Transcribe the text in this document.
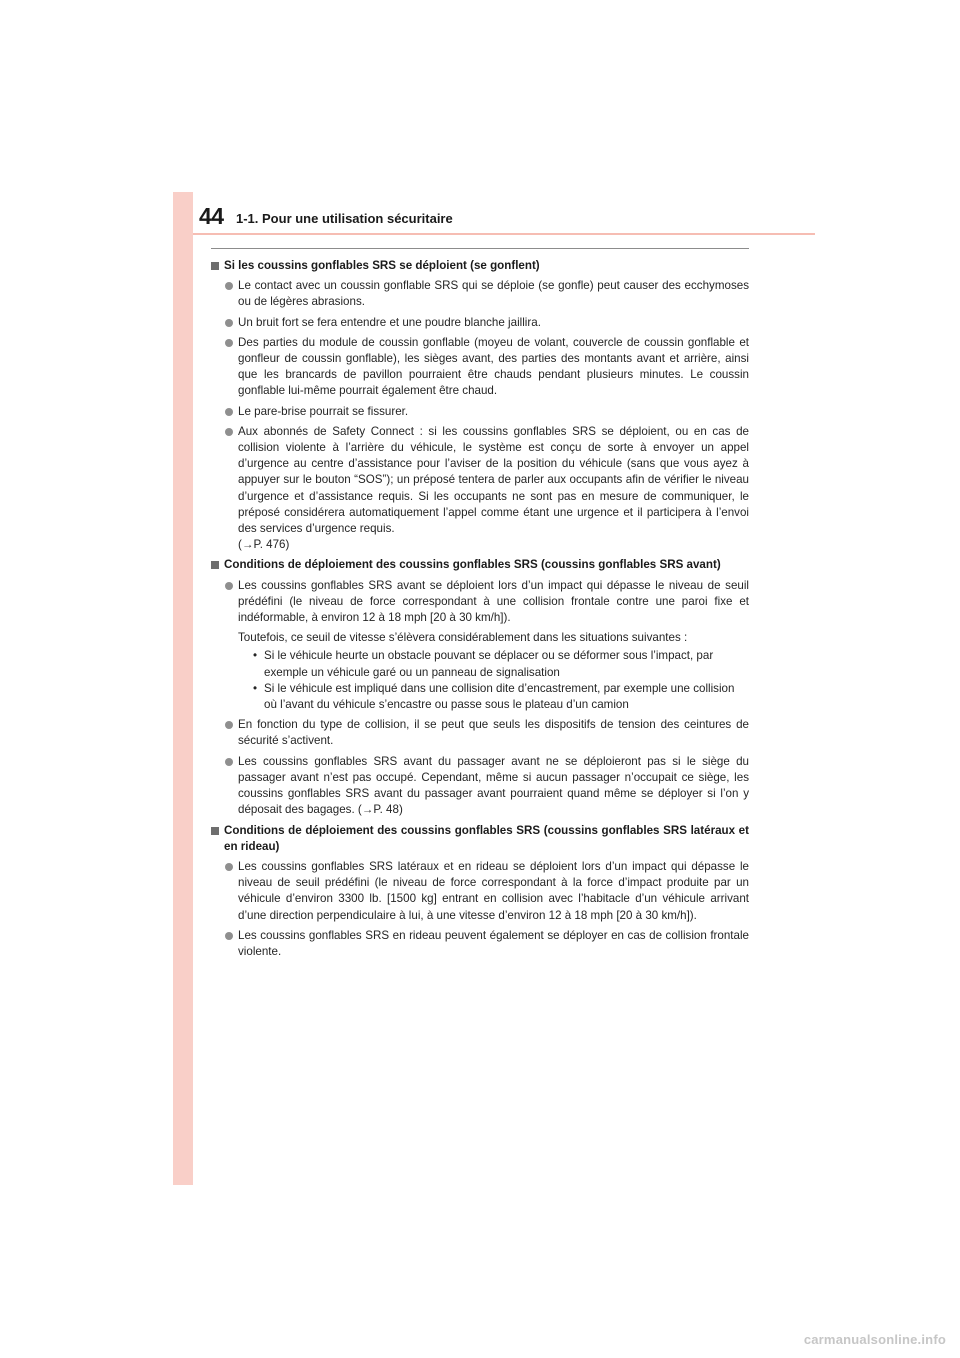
44 1-1. Pour une utilisation sécuritaire
Si les coussins gonflables SRS se déploient (se gonflent)
Le contact avec un coussin gonflable SRS qui se déploie (se gonfle) peut causer des ecchymoses ou de légères abrasions.
Un bruit fort se fera entendre et une poudre blanche jaillira.
Des parties du module de coussin gonflable (moyeu de volant, couvercle de coussin gonflable et gonfleur de coussin gonflable), les sièges avant, des parties des montants avant et arrière, ainsi que les brancards de pavillon pourraient être chauds pendant plusieurs minutes. Le coussin gonflable lui-même pourrait également être chaud.
Le pare-brise pourrait se fissurer.
Aux abonnés de Safety Connect : si les coussins gonflables SRS se déploient, ou en cas de collision violente à l’arrière du véhicule, le système est conçu de sorte à envoyer un appel d’urgence au centre d’assistance pour l’aviser de la position du véhicule (sans que vous ayez à appuyer sur le bouton “SOS”); un préposé tentera de parler aux occupants afin de vérifier le niveau d’urgence et d’assistance requis. Si les occupants ne sont pas en mesure de communiquer, le préposé considérera automatiquement l’appel comme étant une urgence et il participera à l’envoi des services d’urgence requis.
(→P. 476)
Conditions de déploiement des coussins gonflables SRS (coussins gonflables SRS avant)
Les coussins gonflables SRS avant se déploient lors d’un impact qui dépasse le niveau de seuil prédéfini (le niveau de force correspondant à une collision frontale contre une paroi fixe et indéformable, à environ 12 à 18 mph [20 à 30 km/h]).
Toutefois, ce seuil de vitesse s’élèvera considérablement dans les situations suivantes :
• Si le véhicule heurte un obstacle pouvant se déplacer ou se déformer sous l’impact, par exemple un véhicule garé ou un panneau de signalisation
• Si le véhicule est impliqué dans une collision dite d’encastrement, par exemple une collision où l’avant du véhicule s’encastre ou passe sous le plateau d’un camion
En fonction du type de collision, il se peut que seuls les dispositifs de tension des ceintures de sécurité s’activent.
Les coussins gonflables SRS avant du passager avant ne se déploieront pas si le siège du passager avant n’est pas occupé. Cependant, même si aucun passager n’occupait ce siège, les coussins gonflables SRS avant du passager avant pourraient quand même se déployer si l’on y déposait des bagages. (→P. 48)
Conditions de déploiement des coussins gonflables SRS (coussins gonflables SRS latéraux et en rideau)
Les coussins gonflables SRS latéraux et en rideau se déploient lors d’un impact qui dépasse le niveau de seuil prédéfini (le niveau de force correspondant à la force d’impact produite par un véhicule d’environ 3300 lb. [1500 kg] entrant en collision avec l’habitacle d’un véhicule arrivant d’une direction perpendiculaire à lui, à une vitesse d’environ 12 à 18 mph [20 à 30 km/h]).
Les coussins gonflables SRS en rideau peuvent également se déployer en cas de collision frontale violente.
carmanualsonline.info
